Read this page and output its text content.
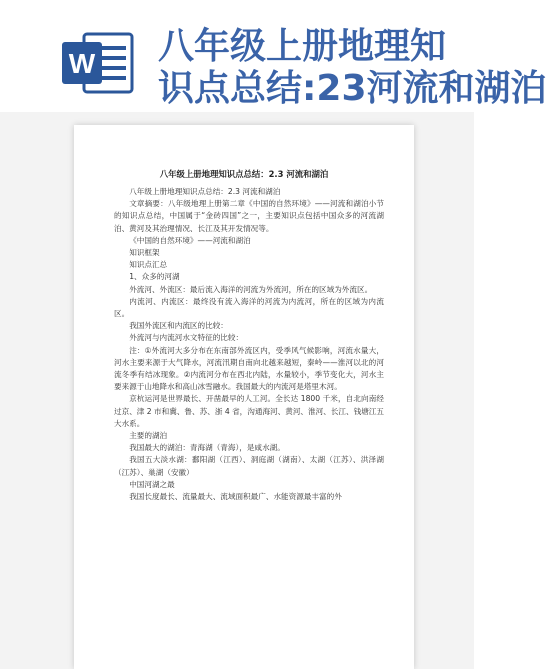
W 八年级上册地理知
识点总结:23河流和湖泊
八年级上册地理知识点总结：2.3 河流和湖泊

八年级上册地理知识点总结：2.3 河流和湖泊

文章摘要：八年级地理上册第二章《中国的自然环境》——河流和湖泊小节的知识点总结，中国属于“金砖四国”之一，主要知识点包括中国众多的河流湖泊、黄河及其治理情况、长江及其开发情况等。

《中国的自然环境》——河流和湖泊

知识框架

知识点汇总

1、众多的河湖

外流河、外流区：最后流入海洋的河流为外流河，所在的区域为外流区。

内流河、内流区：最终没有流入海洋的河流为内流河，所在的区域为内流区。

我国外流区和内流区的比较：

外流河与内流河水文特征的比较：

注：①外流河大多分布在东南部外流区内，受季风气候影响，河流水量大，河水主要来源于大气降水，河流汛期自南向北越来越短，秦岭——淮河以北的河流冬季有结冰现象。②内流河分布在西北内陆，水量较小，季节变化大，河水主要来源于山地降水和高山冰雪融水。我国最大的内流河是塔里木河。

京杭运河是世界最长、开凿最早的人工河。全长达 1800 千米，自北向南经过京、津 2 市和冀、鲁、苏、浙 4 省，沟通海河、黄河、淮河、长江、钱塘江五大水系。

主要的湖泊

我国最大的湖泊：青海湖（青海），是咸水湖。

我国五大淡水湖：鄱阳湖（江西）、洞庭湖（湖南）、太湖（江苏）、洪泽湖（江苏）、巢湖（安徽）

中国河湖之最

我国长度最长、流量最大、流域面积最广、水能资源最丰富的外
